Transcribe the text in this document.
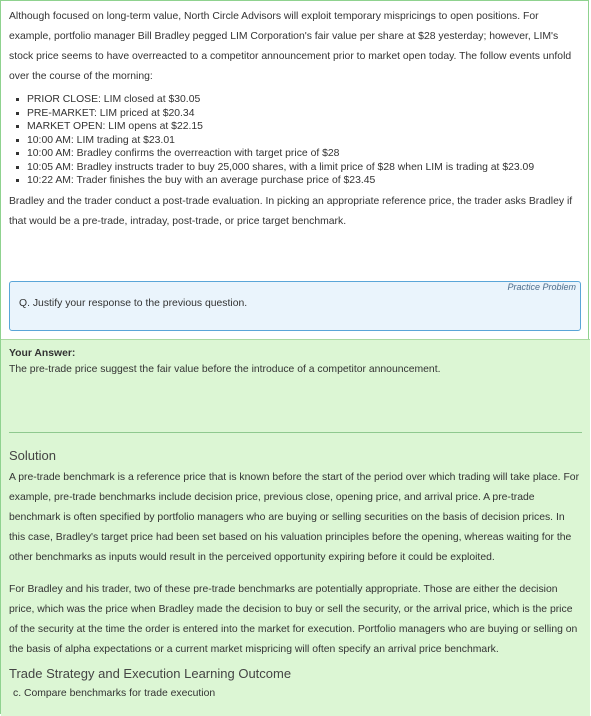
Although focused on long-term value, North Circle Advisors will exploit temporary mispricings to open positions. For example, portfolio manager Bill Bradley pegged LIM Corporation's fair value per share at $28 yesterday; however, LIM's stock price seems to have overreacted to a competitor announcement prior to market open today. The follow events unfold over the course of the morning:

PRIOR CLOSE: LIM closed at $30.05
PRE-MARKET: LIM priced at $20.34
MARKET OPEN: LIM opens at $22.15
10:00 AM: LIM trading at $23.01
10:00 AM: Bradley confirms the overreaction with target price of $28
10:05 AM: Bradley instructs trader to buy 25,000 shares, with a limit price of $28 when LIM is trading at $23.09
10:22 AM: Trader finishes the buy with an average purchase price of $23.45

Bradley and the trader conduct a post-trade evaluation. In picking an appropriate reference price, the trader asks Bradley if that would be a pre-trade, intraday, post-trade, or price target benchmark.

Practice Problem
Q. Justify your response to the previous question.
Your Answer:
The pre-trade price suggest the fair value before the introduce of a competitor announcement.
Solution

A pre-trade benchmark is a reference price that is known before the start of the period over which trading will take place. For example, pre-trade benchmarks include decision price, previous close, opening price, and arrival price. A pre-trade benchmark is often specified by portfolio managers who are buying or selling securities on the basis of decision prices. In this case, Bradley's target price had been set based on his valuation principles before the opening, whereas waiting for the other benchmarks as inputs would result in the perceived opportunity expiring before it could be exploited.

For Bradley and his trader, two of these pre-trade benchmarks are potentially appropriate. Those are either the decision price, which was the price when Bradley made the decision to buy or sell the security, or the arrival price, which is the price of the security at the time the order is entered into the market for execution. Portfolio managers who are buying or selling on the basis of alpha expectations or a current market mispricing will often specify an arrival price benchmark.

Trade Strategy and Execution Learning Outcome
c. Compare benchmarks for trade execution
